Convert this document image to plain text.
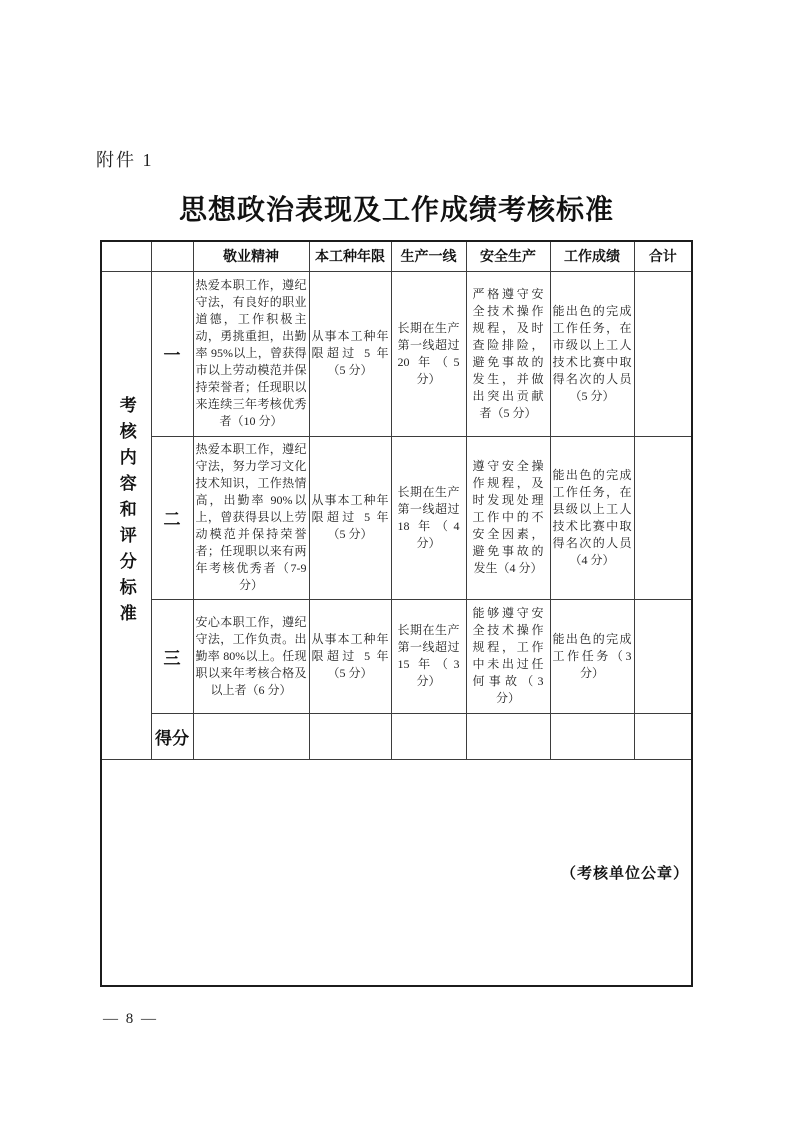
附件 1
思想政治表现及工作成绩考核标准
		敬业精神	本工种年限	生产一线	安全生产	工作成绩	合计
考核内容和评分标准	一	热爱本职工作，遵纪守法，有良好的职业道德，工作积极主动，勇挑重担，出勤率 95%以上，曾获得市以上劳动模范并保持荣誉者；任现职以来连续三年考核优秀者（10 分）	从事本工种年限超过 5 年（5 分）	长期在生产第一线超过 20 年（5 分）	严格遵守安全技术操作规程，及时查险排险，避免事故的发生，并做出突出贡献者（5 分）	能出色的完成工作任务，在市级以上工人技术比赛中取得名次的人员（5 分）	
	二	热爱本职工作，遵纪守法，努力学习文化技术知识，工作热情高，出勤率 90%以上，曾获得县以上劳动模范并保持荣誉者；任现职以来有两年考核优秀者（7-9 分）	从事本工种年限超过 5 年（5 分）	长期在生产第一线超过 18 年（4 分）	遵守安全操作规程，及时发现处理工作中的不安全因素，避免事故的发生（4 分）	能出色的完成工作任务，在县级以上工人技术比赛中取得名次的人员（4 分）	
	三	安心本职工作，遵纪守法，工作负责。出勤率 80%以上。任现职以来年考核合格及以上者（6 分）	从事本工种年限超过 5 年（5 分）	长期在生产第一线超过 15 年（3 分）	能够遵守安全技术操作规程，工作中未出过任何事故（3 分）	能出色的完成工作任务（3 分）	
	得分						
（考核单位公章）							
— 8 —
